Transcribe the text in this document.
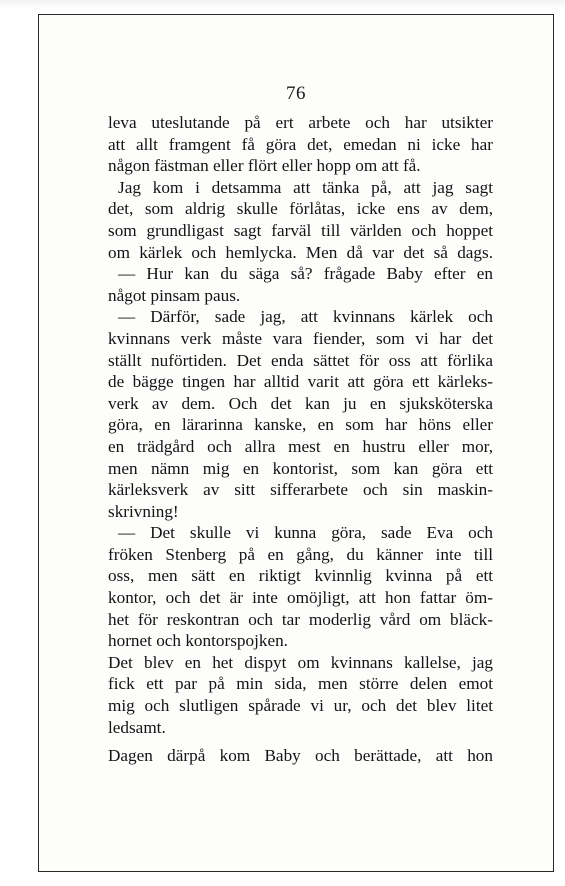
76
leva uteslutande på ert arbete och har utsikter
att allt framgent få göra det, emedan ni icke har
någon fästman eller flört eller hopp om att få.
Jag kom i detsamma att tänka på, att jag sagt
det, som aldrig skulle förlåtas, icke ens av dem,
som grundligast sagt farväl till världen och hoppet
om kärlek och hemlycka. Men då var det så dags.
— Hur kan du säga så? frågade Baby efter en
något pinsam paus.
— Därför, sade jag, att kvinnans kärlek och
kvinnans verk måste vara fiender, som vi har det
ställt nuförtiden. Det enda sättet för oss att förlika
de bägge tingen har alltid varit att göra ett kärleks-
verk av dem. Och det kan ju en sjuksköterska
göra, en lärarinna kanske, en som har höns eller
en trädgård och allra mest en hustru eller mor,
men nämn mig en kontorist, som kan göra ett
kärleksverk av sitt sifferarbete och sin maskin-
skrivning!
— Det skulle vi kunna göra, sade Eva och
fröken Stenberg på en gång, du känner inte till
oss, men sätt en riktigt kvinnlig kvinna på ett
kontor, och det är inte omöjligt, att hon fattar öm-
het för reskontran och tar moderlig vård om bläck-
hornet och kontorspojken.
Det blev en het dispyt om kvinnans kallelse, jag
fick ett par på min sida, men större delen emot
mig och slutligen spårade vi ur, och det blev litet
ledsamt.
Dagen därpå kom Baby och berättade, att hon
